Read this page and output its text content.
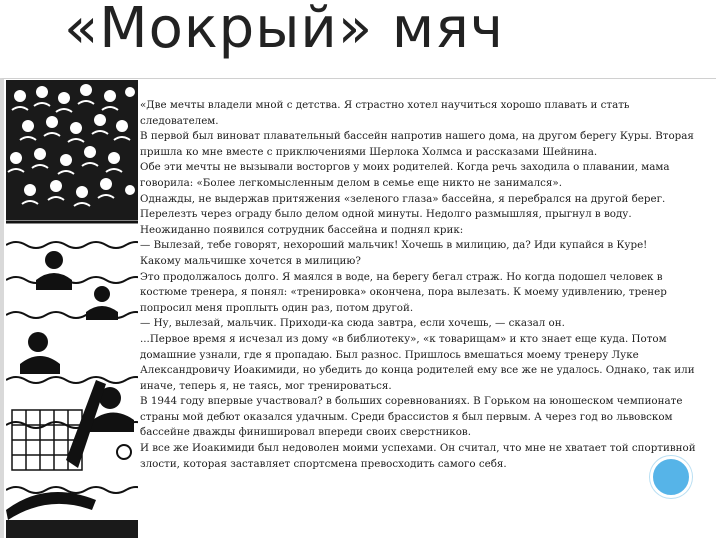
«Мокрый» мяч

«Две мечты владели мной с детства. Я страстно хотел научиться хорошо плавать и стать следователем.

В первой был виноват плавательный бассейн напротив нашего дома, на другом берегу Куры. Вторая пришла ко мне вместе с приключениями Шерлока Холмса и рассказами Шейнина.

Обе эти мечты не вызывали восторгов у моих родителей. Когда речь заходила о плавании, мама говорила: «Более легкомысленным делом в семье еще никто не занимался».

Однажды, не выдержав притяжения «зеленого глаза» бассейна, я перебрался на другой берег. Перелезть через ограду было делом одной минуты. Недолго размышляя, прыгнул в воду. Неожиданно появился сотрудник бассейна и поднял крик:

— Вылезай, тебе говорят, нехороший мальчик! Хочешь в милицию, да? Иди купайся в Куре!

Какому мальчишке хочется в милицию?

Это продолжалось долго. Я маялся в воде, на берегу бегал страж. Но когда подошел человек в костюме тренера, я понял: «тренировка» окончена, пора вылезать. К моему удивлению, тренер попросил меня проплыть один раз, потом другой.

— Ну, вылезай, мальчик. Приходи-ка сюда завтра, если хочешь, — сказал он.

...Первое время я исчезал из дому «в библиотеку», «к товарищам» и кто знает еще куда. Потом домашние узнали, где я пропадаю. Был разнос. Пришлось вмешаться моему тренеру Луке Александровичу Иоакимиди, но убедить до конца родителей ему все же не удалось. Однако, так или иначе, теперь я, не таясь, мог тренироваться.

В 1944 году впервые участвовал? в больших соревнованиях. В Горьком на юношеском чемпионате страны мой дебют оказался удачным. Среди брассистов я был первым. А через год во львовском бассейне дважды финишировал впереди своих сверстников.

И все же Иоакимиди был недоволен моими успехами. Он считал, что мне не хватает той спортивной злости, которая заставляет спортсмена превосходить самого себя.
